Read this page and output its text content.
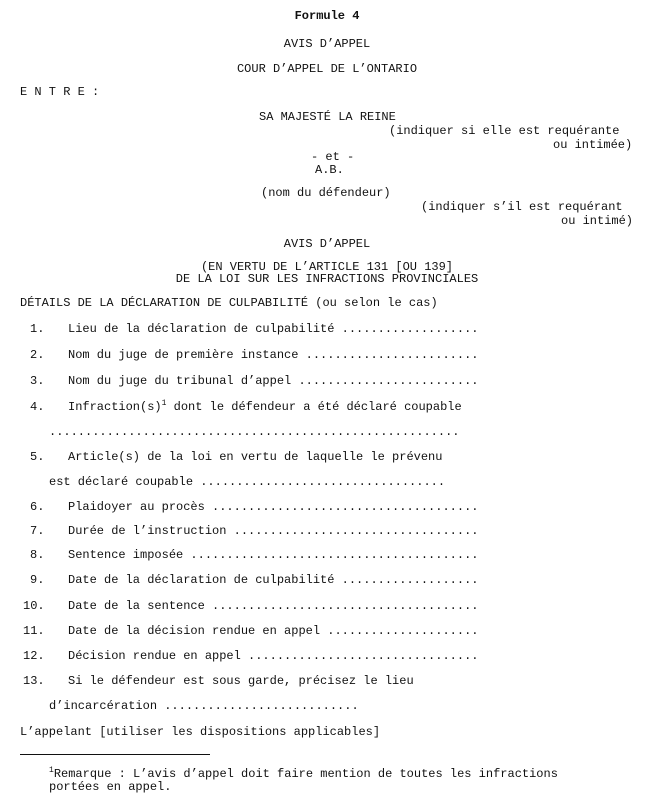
Formule 4
AVIS D’APPEL
COUR D’APPEL DE L’ONTARIO
E N T R E :
SA MAJESTÉ LA REINE
(indiquer si elle est requérante
ou intimée)
- et -
A.B.
(nom du défendeur)
(indiquer s’il est requérant
ou intimé)
AVIS D’APPEL
(EN VERTU DE L’ARTICLE 131 [OU 139]
DE LA LOI SUR LES INFRACTIONS PROVINCIALES
DÉTAILS DE LA DÉCLARATION DE CULPABILITÉ (ou selon le cas)
1. Lieu de la déclaration de culpabilité ...................
2. Nom du juge de première instance ........................
3. Nom du juge du tribunal d’appel .........................
4. $Infraction(s)^1$ dont le défendeur a été déclaré coupable
.........................................................
5. Article(s) de la loi en vertu de laquelle le prévenu
est déclaré coupable ..................................
6. Plaidoyer au procès .....................................
7. Durée de l’instruction ..................................
8. Sentence imposée ........................................
9. Date de la déclaration de culpabilité ...................
10. Date de la sentence .....................................
11. Date de la décision rendue en appel .....................
12. Décision rendue en appel ................................
13. Si le défendeur est sous garde, précisez le lieu
d’incarcération ...........................
L’appelant [utiliser les dispositions applicables]
$^1$Remarque : L’avis d’appel doit faire mention de toutes les infractions
portées en appel.
